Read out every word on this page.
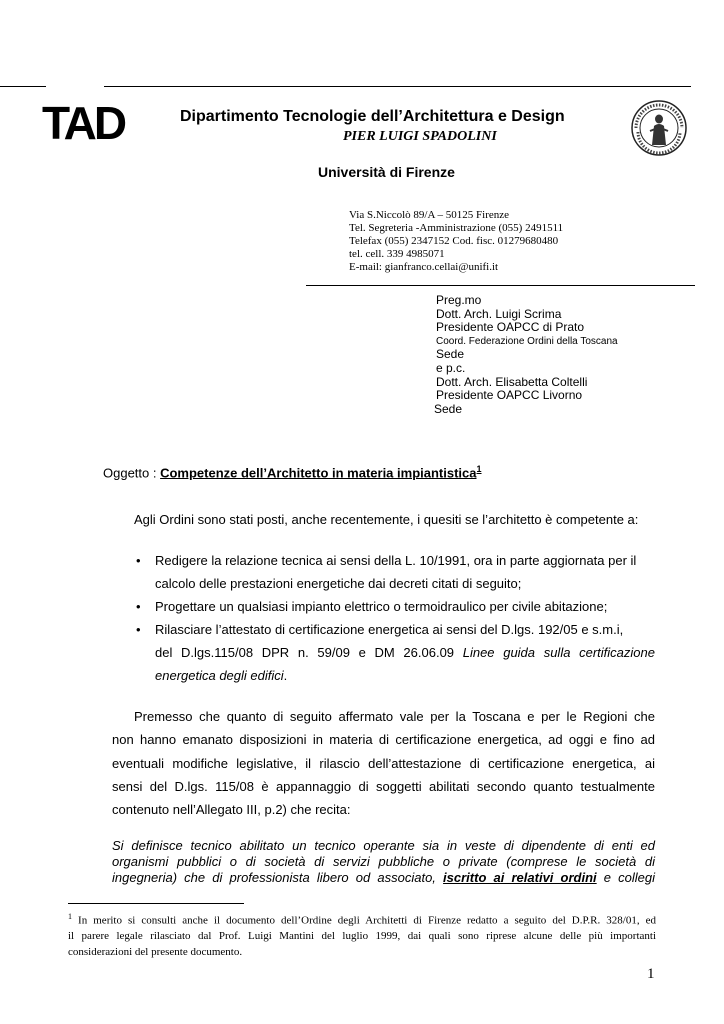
TAD	Dipartimento Tecnologie dell’Architettura e Design
PIER LUIGI SPADOLINI
Università di Firenze
Via S.Niccolò 89/A – 50125 Firenze
Tel. Segreteria -Amministrazione (055) 2491511
Telefax (055) 2347152 Cod. fisc. 01279680480
tel. cell. 339 4985071
E-mail: gianfranco.cellai@unifi.it
Preg.mo
Dott. Arch. Luigi Scrima
Presidente OAPCC di Prato
Coord. Federazione Ordini della Toscana
Sede
e p.c.
Dott. Arch. Elisabetta Coltelli
Presidente OAPCC Livorno
Sede
Oggetto : Competenze dell’Architetto in materia impiantistica$^1$
Agli Ordini sono stati posti, anche recentemente, i quesiti se l’architetto è competente a:
• Redigere la relazione tecnica ai sensi della L. 10/1991, ora in parte aggiornata per il
calcolo delle prestazioni energetiche dai decreti citati di seguito;
• Progettare un qualsiasi impianto elettrico o termoidraulico per civile abitazione;
• Rilasciare l’attestato di certificazione energetica ai sensi del D.lgs. 192/05 e s.m.i,
del D.lgs.115/08 DPR n. 59/09 e DM 26.06.09 Linee guida sulla certificazione
energetica degli edifici.
Premesso che quanto di seguito affermato vale per la Toscana e per le Regioni che
non hanno emanato disposizioni in materia di certificazione energetica, ad oggi e fino ad
eventuali modifiche legislative, il rilascio dell’attestazione di certificazione energetica, ai
sensi del D.lgs. 115/08 è appannaggio di soggetti abilitati secondo quanto testualmente
contenuto nell’Allegato III, p.2) che recita:
Si definisce tecnico abilitato un tecnico operante sia in veste di dipendente di enti ed
organismi pubblici o di società di servizi pubbliche o private (comprese le società di
ingegneria) che di professionista libero od associato, iscritto ai relativi ordini e collegi
$^1$ In merito si consulti anche il documento dell’Ordine degli Architetti di Firenze redatto a seguito del D.P.R. 328/01, ed
il parere legale rilasciato dal Prof. Luigi Mantini del luglio 1999, dai quali sono riprese alcune delle più importanti
considerazioni del presente documento.
1
